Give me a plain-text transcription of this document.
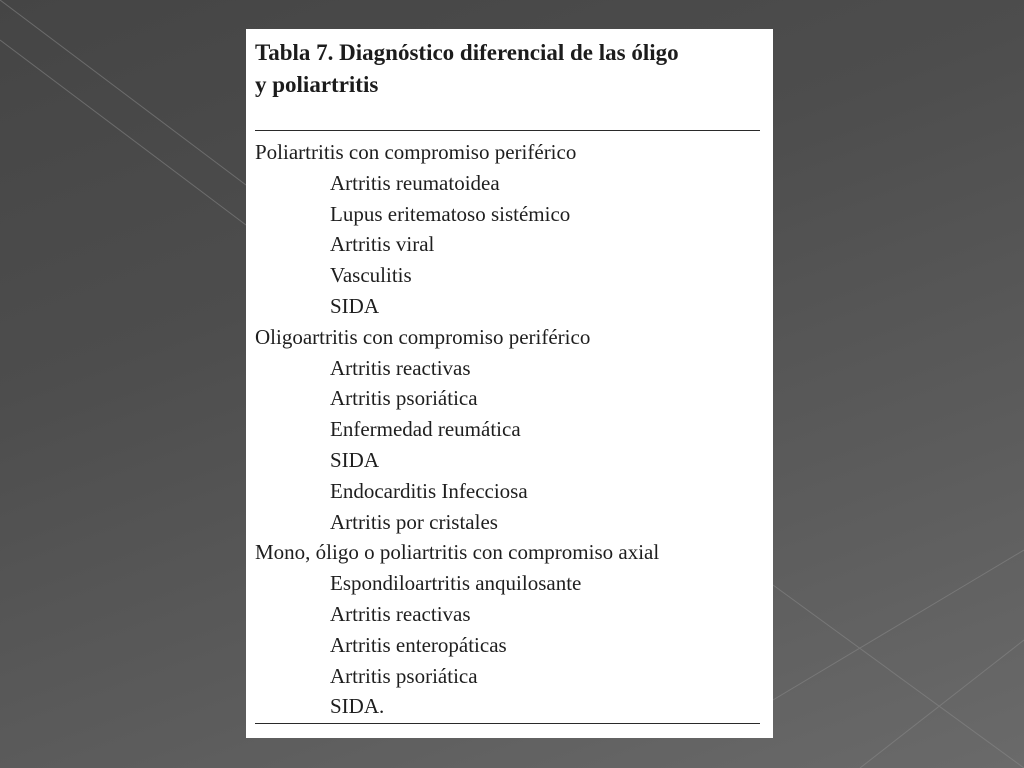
Tabla 7. Diagnóstico diferencial de las óligo
y poliartritis
Poliartritis con compromiso periférico
Artritis reumatoidea
Lupus eritematoso sistémico
Artritis viral
Vasculitis
SIDA
Oligoartritis con compromiso periférico
Artritis reactivas
Artritis psoriática
Enfermedad reumática
SIDA
Endocarditis Infecciosa
Artritis por cristales
Mono, óligo o poliartritis con compromiso axial
Espondiloartritis anquilosante
Artritis reactivas
Artritis enteropáticas
Artritis psoriática
SIDA.
